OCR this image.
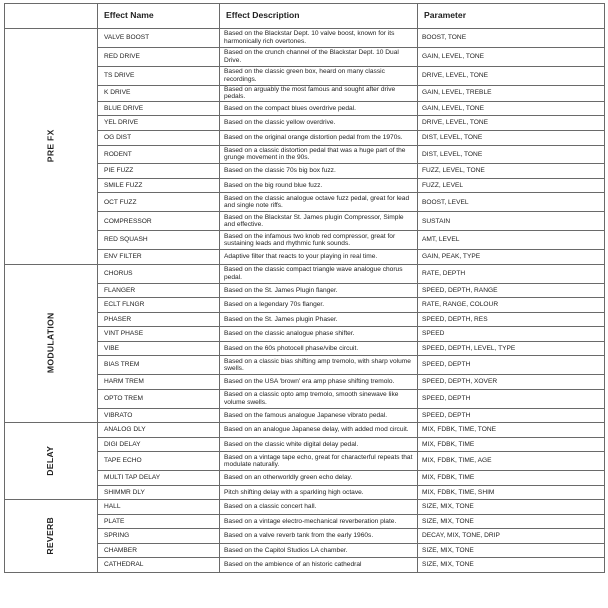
	Effect Name	Effect Description	Parameter
PRE FX	VALVE BOOST	Based on the Blackstar Dept. 10 valve boost, known for its harmonically rich overtones.	BOOST, TONE
	RED DRIVE	Based on the crunch channel of the Blackstar Dept. 10 Dual Drive.	GAIN, LEVEL, TONE
	TS DRIVE	Based on the classic green box, heard on many classic recordings.	DRIVE, LEVEL, TONE
	K DRIVE	Based on arguably the most famous and sought after drive pedals.	GAIN, LEVEL, TREBLE
	BLUE DRIVE	Based on the compact blues overdrive pedal.	GAIN, LEVEL, TONE
	YEL DRIVE	Based on the classic yellow overdrive.	DRIVE, LEVEL, TONE
	OG DIST	Based on the original orange distortion pedal from the 1970s.	DIST, LEVEL, TONE
	RODENT	Based on a classic distortion pedal that was a huge part of the grunge movement in the 90s.	DIST, LEVEL, TONE
	PIE FUZZ	Based on the classic 70s big box fuzz.	FUZZ, LEVEL, TONE
	SMILE FUZZ	Based on the big round blue fuzz.	FUZZ, LEVEL
	OCT FUZZ	Based on the classic analogue octave fuzz pedal, great for lead and single note riffs.	BOOST, LEVEL
	COMPRESSOR	Based on the Blackstar St. James plugin Compressor, Simple and effective.	SUSTAIN
	RED SQUASH	Based on the infamous two knob red compressor, great for sustaining leads and rhythmic funk sounds.	AMT, LEVEL
	ENV FILTER	Adaptive filter that reacts to your playing in real time.	GAIN, PEAK, TYPE
MODULATION	CHORUS	Based on the classic compact triangle wave analogue chorus pedal.	RATE, DEPTH
	FLANGER	Based on the St. James Plugin flanger.	SPEED, DEPTH, RANGE
	ECLT FLNGR	Based on a legendary 70s flanger.	RATE, RANGE, COLOUR
	PHASER	Based on the St. James plugin Phaser.	SPEED, DEPTH, RES
	VINT PHASE	Based on the classic analogue phase shifter.	SPEED
	VIBE	Based on the 60s photocell phase/vibe circuit.	SPEED, DEPTH, LEVEL, TYPE
	BIAS TREM	Based on a classic bias shifting amp tremolo, with sharp volume swells.	SPEED, DEPTH
	HARM TREM	Based on the USA 'brown' era amp phase shifting tremolo.	SPEED, DEPTH, XOVER
	OPTO TREM	Based on a classic opto amp tremolo, smooth sinewave like volume swells.	SPEED, DEPTH
	VIBRATO	Based on the famous analogue Japanese vibrato pedal.	SPEED, DEPTH
DELAY	ANALOG DLY	Based on an analogue Japanese delay, with added mod circuit.	MIX, FDBK, TIME, TONE
	DIGI DELAY	Based on the classic white digital delay pedal.	MIX, FDBK, TIME
	TAPE ECHO	Based on a vintage tape echo, great for characterful repeats that modulate naturally.	MIX, FDBK, TIME, AGE
	MULTI TAP DELAY	Based on an otherworldly green echo delay.	MIX, FDBK, TIME
	SHIMMR DLY	Pitch shifting delay with a sparkling high octave.	MIX, FDBK, TIME, SHIM
REVERB	HALL	Based on a classic concert hall.	SIZE, MIX, TONE
	PLATE	Based on a vintage electro-mechanical reverberation plate.	SIZE, MIX, TONE
	SPRING	Based on a valve reverb tank from the early 1960s.	DECAY, MIX, TONE, DRIP
	CHAMBER	Based on the Capitol Studios LA chamber.	SIZE, MIX, TONE
	CATHEDRAL	Based on the ambience of an historic cathedral	SIZE, MIX, TONE
